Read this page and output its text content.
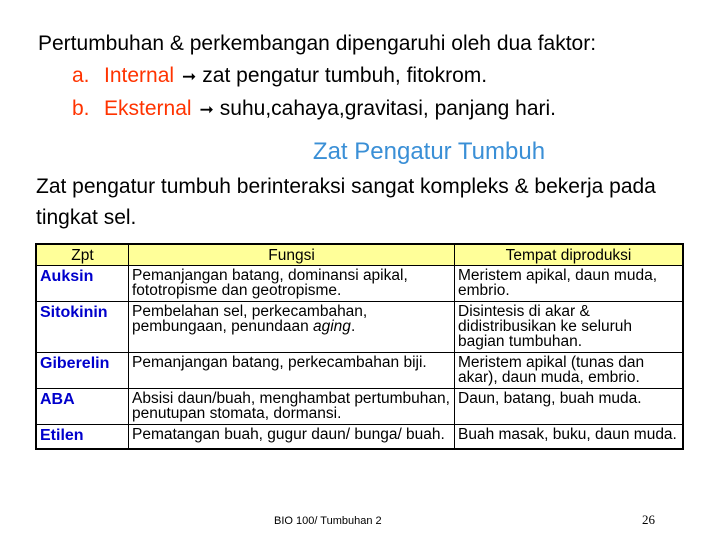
Pertumbuhan & perkembangan dipengaruhi oleh dua faktor:
a. Internal ➞ zat pengatur tumbuh, fitokrom.
b. Eksternal ➞ suhu,cahaya,gravitasi, panjang hari.
Zat Pengatur Tumbuh
Zat pengatur tumbuh berinteraksi sangat kompleks & bekerja pada tingkat sel.
Zpt	Fungsi	Tempat diproduksi
Auksin	Pemanjangan batang, dominansi apikal, fototropisme dan geotropisme.	Meristem apikal, daun muda, embrio.
Sitokinin	Pembelahan sel, perkecambahan, pembungaan, penundaan aging.	Disintesis di akar & didistribusikan ke seluruh bagian tumbuhan.
Giberelin	Pemanjangan batang, perkecambahan biji.	Meristem apikal (tunas dan akar), daun muda, embrio.
ABA	Absisi daun/buah, menghambat pertumbuhan, penutupan stomata, dormansi.	Daun, batang, buah muda.
Etilen	Pematangan buah, gugur daun/ bunga/ buah.	Buah masak, buku, daun muda.
BIO 100/ Tumbuhan 2	26
